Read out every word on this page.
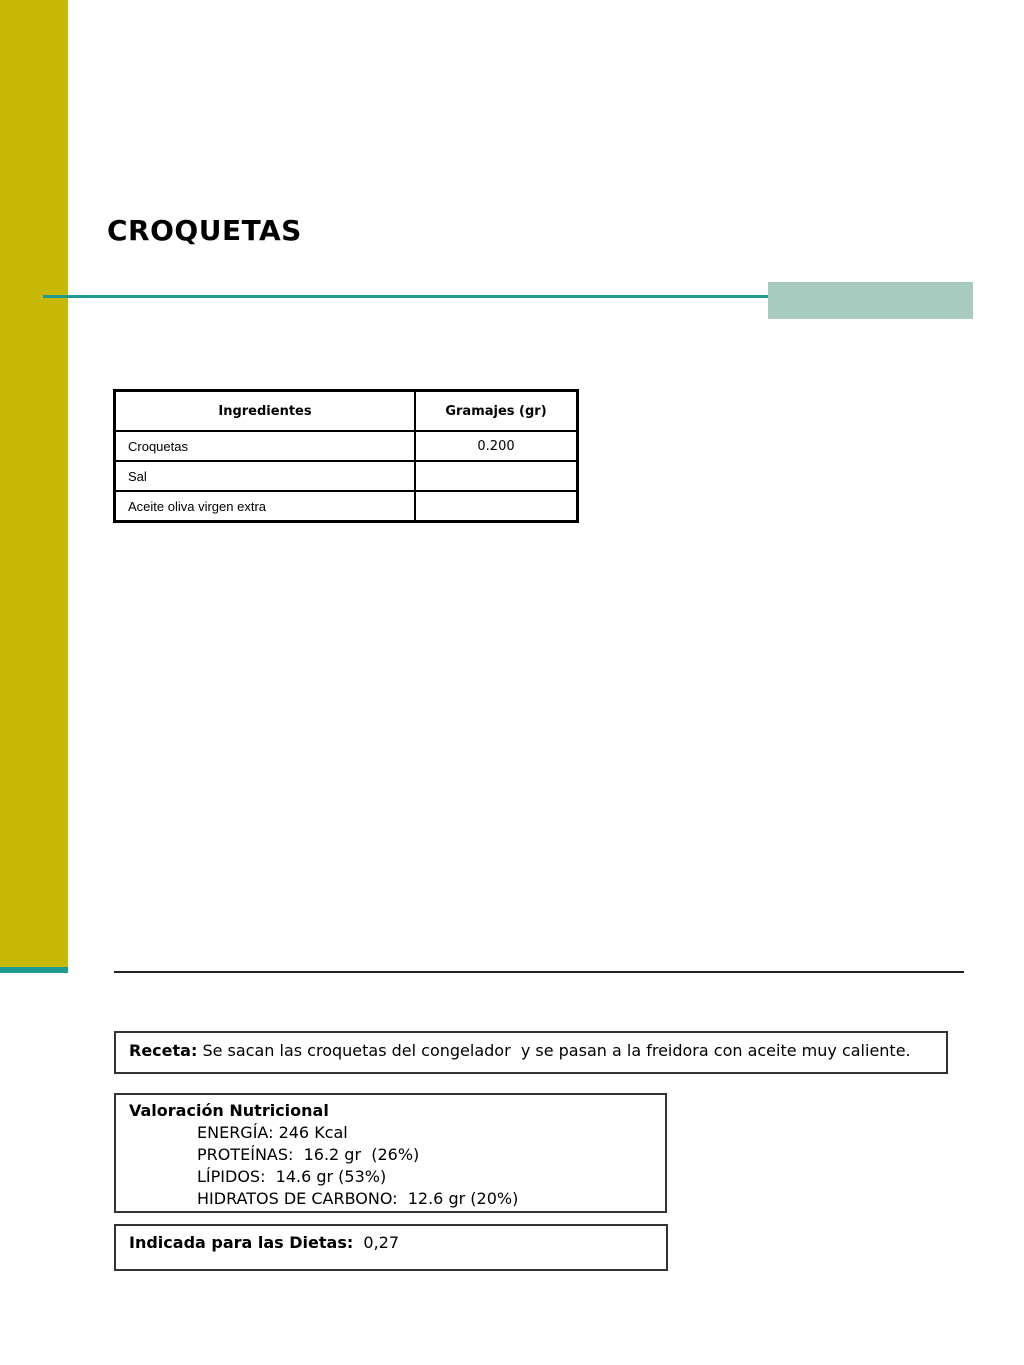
CROQUETAS
Ingredientes	Gramajes (gr)
Croquetas	0.200
Sal	
Aceite oliva virgen extra	
Receta: Se sacan las croquetas del congelador  y se pasan a la freidora con aceite muy caliente.
Valoración Nutricional
ENERGÍA: 246 Kcal
PROTEÍNAS:  16.2 gr  (26%)
LÍPIDOS:  14.6 gr (53%)
HIDRATOS DE CARBONO:  12.6 gr (20%)
Indicada para las Dietas:  0,27
